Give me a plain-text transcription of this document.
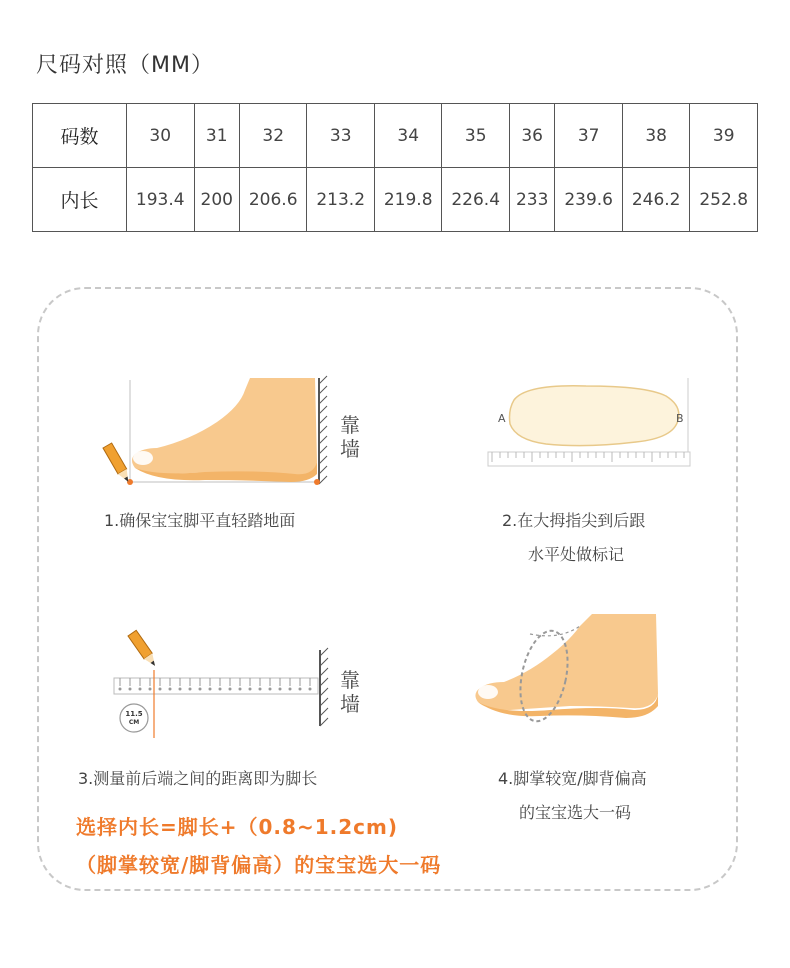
尺码对照（MM）
码数	30	31	32	33	34	35	36	37	38	39
内长	193.4	200	206.6	213.2	219.8	226.4	233	239.6	246.2	252.8
靠墙
1.确保宝宝脚平直轻踏地面
A	B
2.在大拇指尖到后跟
水平处做标记
11.5
CM
靠墙
3.测量前后端之间的距离即为脚长	4.脚掌较宽/脚背偏高
的宝宝选大一码
选择内长=脚长+（0.8~1.2cm)
（脚掌较宽/脚背偏高）的宝宝选大一码
